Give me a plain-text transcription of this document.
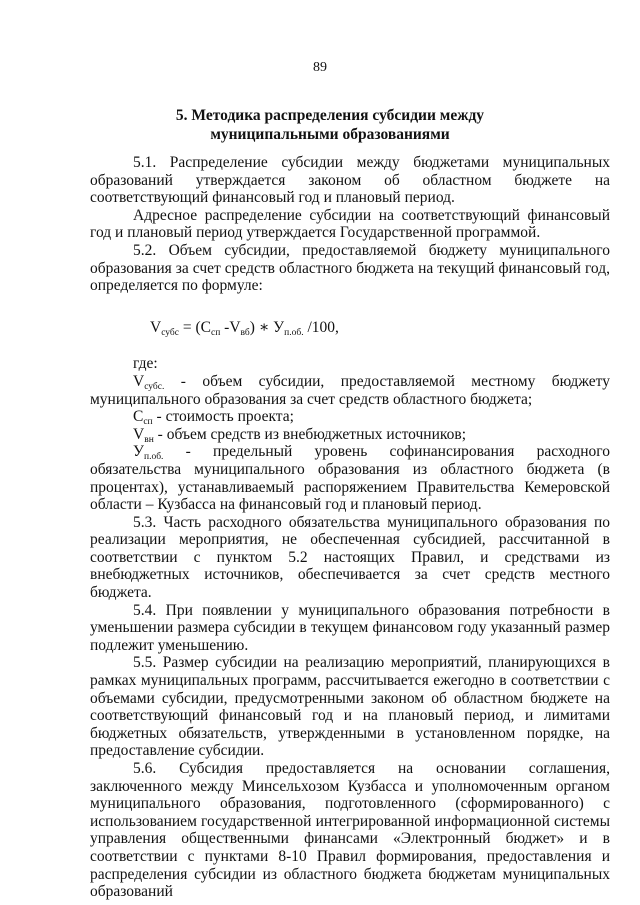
89
5. Методика распределения субсидии между муниципальными образованиями

5.1. Распределение субсидии между бюджетами муниципальных образований утверждается законом об областном бюджете на соответствующий финансовый год и плановый период.

Адресное распределение субсидии на соответствующий финансовый год и плановый период утверждается Государственной программой.

5.2. Объем субсидии, предоставляемой бюджету муниципального образования за счет средств областного бюджета на текущий финансовый год, определяется по формуле:

$V_{субс} = (С_{сп}$ $-V_{вб}$) ∗ $У_{п.об.}$ /100,

где:

$V_{субс.}$ - объем субсидии, предоставляемой местному бюджету муниципального образования за счет средств областного бюджета;

$С_{сп}$ - стоимость проекта;

$V_{вн}$ - объем средств из внебюджетных источников;

$У_{п.об.}$ - предельный уровень софинансирования расходного обязательства муниципального образования из областного бюджета (в процентах), устанавливаемый распоряжением Правительства Кемеровской области – Кузбасса на финансовый год и плановый период.

5.3. Часть расходного обязательства муниципального образования по реализации мероприятия, не обеспеченная субсидией, рассчитанной в соответствии с пунктом 5.2 настоящих Правил, и средствами из внебюджетных источников, обеспечивается за счет средств местного бюджета.

5.4. При появлении у муниципального образования потребности в уменьшении размера субсидии в текущем финансовом году указанный размер подлежит уменьшению.

5.5. Размер субсидии на реализацию мероприятий, планирующихся в рамках муниципальных программ, рассчитывается ежегодно в соответствии с объемами субсидии, предусмотренными законом об областном бюджете на соответствующий финансовый год и на плановый период, и лимитами бюджетных обязательств, утвержденными в установленном порядке, на предоставление субсидии.

5.6. Субсидия предоставляется на основании соглашения, заключенного между Минсельхозом Кузбасса и уполномоченным органом муниципального образования, подготовленного (сформированного) с использованием государственной интегрированной информационной системы управления общественными финансами «Электронный бюджет» и в соответствии с пунктами 8-10 Правил формирования, предоставления и распределения субсидии из областного бюджета бюджетам муниципальных образований
